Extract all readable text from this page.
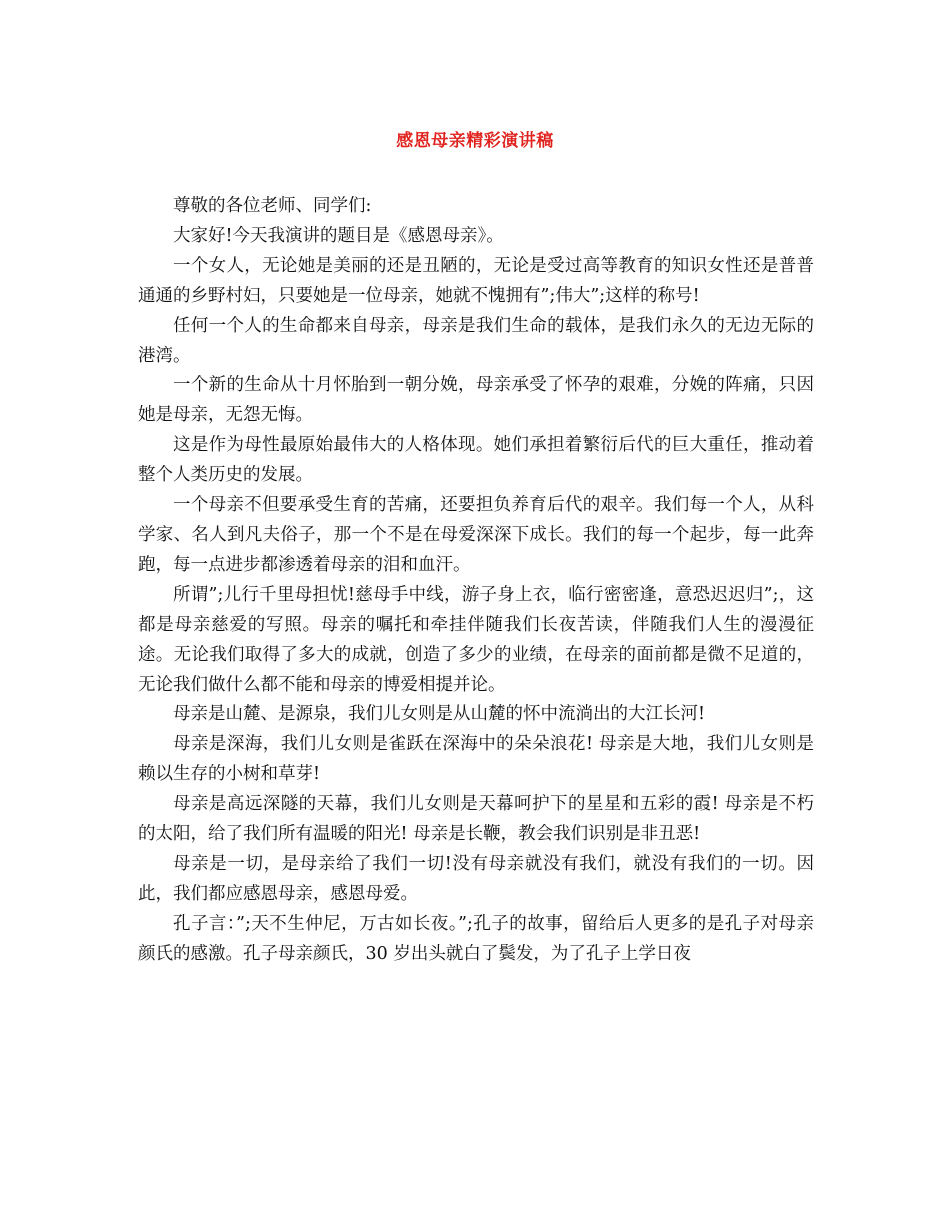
感恩母亲精彩演讲稿

尊敬的各位老师、同学们:

大家好!今天我演讲的题目是《感恩母亲》。

一个女人，无论她是美丽的还是丑陋的，无论是受过高等教育的知识女性还是普普通通的乡野村妇，只要她是一位母亲，她就不愧拥有”;伟大”;这样的称号!

任何一个人的生命都来自母亲，母亲是我们生命的载体，是我们永久的无边无际的港湾。

一个新的生命从十月怀胎到一朝分娩，母亲承受了怀孕的艰难，分娩的阵痛，只因她是母亲，无怨无悔。

这是作为母性最原始最伟大的人格体现。她们承担着繁衍后代的巨大重任，推动着整个人类历史的发展。

一个母亲不但要承受生育的苦痛，还要担负养育后代的艰辛。我们每一个人，从科学家、名人到凡夫俗子，那一个不是在母爱深深下成长。我们的每一个起步，每一此奔跑，每一点进步都渗透着母亲的泪和血汗。

所谓”;儿行千里母担忧!慈母手中线，游子身上衣，临行密密逢，意恐迟迟归”;，这都是母亲慈爱的写照。母亲的嘱托和牵挂伴随我们长夜苦读，伴随我们人生的漫漫征途。无论我们取得了多大的成就，创造了多少的业绩，在母亲的面前都是微不足道的，无论我们做什么都不能和母亲的博爱相提并论。

母亲是山麓、是源泉，我们儿女则是从山麓的怀中流淌出的大江长河!

母亲是深海，我们儿女则是雀跃在深海中的朵朵浪花! 母亲是大地，我们儿女则是赖以生存的小树和草芽!

母亲是高远深隧的天幕，我们儿女则是天幕呵护下的星星和五彩的霞! 母亲是不朽的太阳，给了我们所有温暖的阳光! 母亲是长鞭，教会我们识别是非丑恶!

母亲是一切，是母亲给了我们一切!没有母亲就没有我们，就没有我们的一切。因此，我们都应感恩母亲，感恩母爱。

孔子言：”;天不生仲尼，万古如长夜。”;孔子的故事，留给后人更多的是孔子对母亲颜氏的感激。孔子母亲颜氏，30 岁出头就白了鬓发，为了孔子上学日夜
